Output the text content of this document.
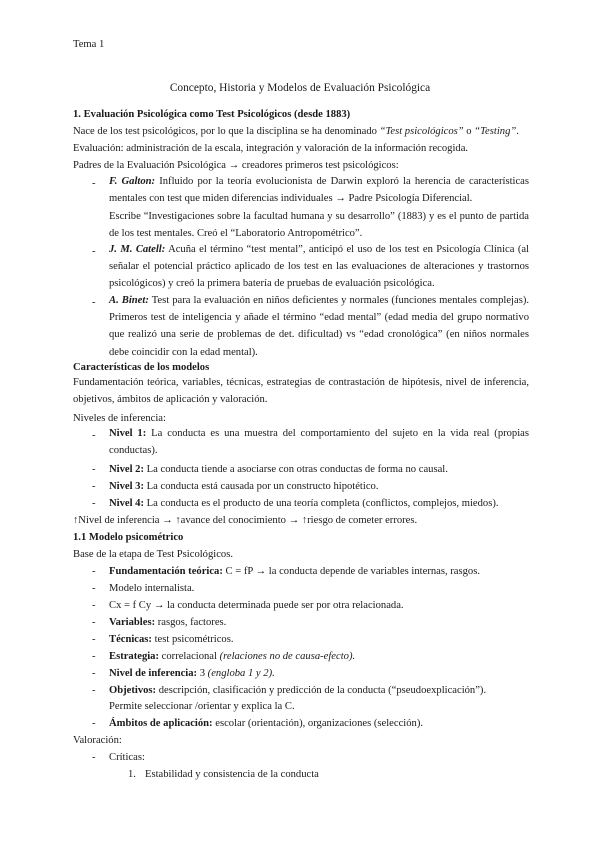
Tema 1
Concepto, Historia y Modelos de Evaluación Psicológica
1. Evaluación Psicológica como Test Psicológicos (desde 1883)
Nace de los test psicológicos, por lo que la disciplina se ha denominado “Test psicológicos” o “Testing”.
Evaluación: administración de la escala, integración y valoración de la información recogida.
Padres de la Evaluación Psicológica → creadores primeros test psicológicos:
- F. Galton: Influido por la teoría evolucionista de Darwin exploró la herencia de características mentales con test que miden diferencias individuales → Padre Psicología Diferencial.
Escribe “Investigaciones sobre la facultad humana y su desarrollo” (1883) y es el punto de partida de los test mentales. Creó el “Laboratorio Antropométrico”.
- J. M. Catell: Acuña el término “test mental”, anticipó el uso de los test en Psicología Clínica (al señalar el potencial práctico aplicado de los test en las evaluaciones de alteraciones y trastornos psicológicos) y creó la primera batería de pruebas de evaluación psicológica.
- A. Binet: Test para la evaluación en niños deficientes y normales (funciones mentales complejas). Primeros test de inteligencia y añade el término “edad mental” (edad media del grupo normativo que realizó una serie de problemas de det. dificultad) vs “edad cronológica” (en niños normales debe coincidir con la edad mental).
Características de los modelos
Fundamentación teórica, variables, técnicas, estrategias de contrastación de hipótesis, nivel de inferencia, objetivos, ámbitos de aplicación y valoración.
Niveles de inferencia:
- Nivel 1: La conducta es una muestra del comportamiento del sujeto en la vida real (propias conductas).
- Nivel 2: La conducta tiende a asociarse con otras conductas de forma no causal.
- Nivel 3: La conducta está causada por un constructo hipotético.
- Nivel 4: La conducta es el producto de una teoría completa (conflictos, complejos, miedos).
↑Nivel de inferencia → ↑avance del conocimiento → ↑riesgo de cometer errores.
1.1 Modelo psicométrico
Base de la etapa de Test Psicológicos.
- Fundamentación teórica: C = fP → la conducta depende de variables internas, rasgos.
- Modelo internalista.
- Cx = f Cy → la conducta determinada puede ser por otra relacionada.
- Variables: rasgos, factores.
- Técnicas: test psicométricos.
- Estrategia: correlacional (relaciones no de causa-efecto).
- Nivel de inferencia: 3 (engloba 1 y 2).
- Objetivos: descripción, clasificación y predicción de la conducta (“pseudoexplicación”).
Permite seleccionar /orientar y explica la C.
- Ámbitos de aplicación: escolar (orientación), organizaciones (selección).
Valoración:
- Críticas:
1. Estabilidad y consistencia de la conducta
